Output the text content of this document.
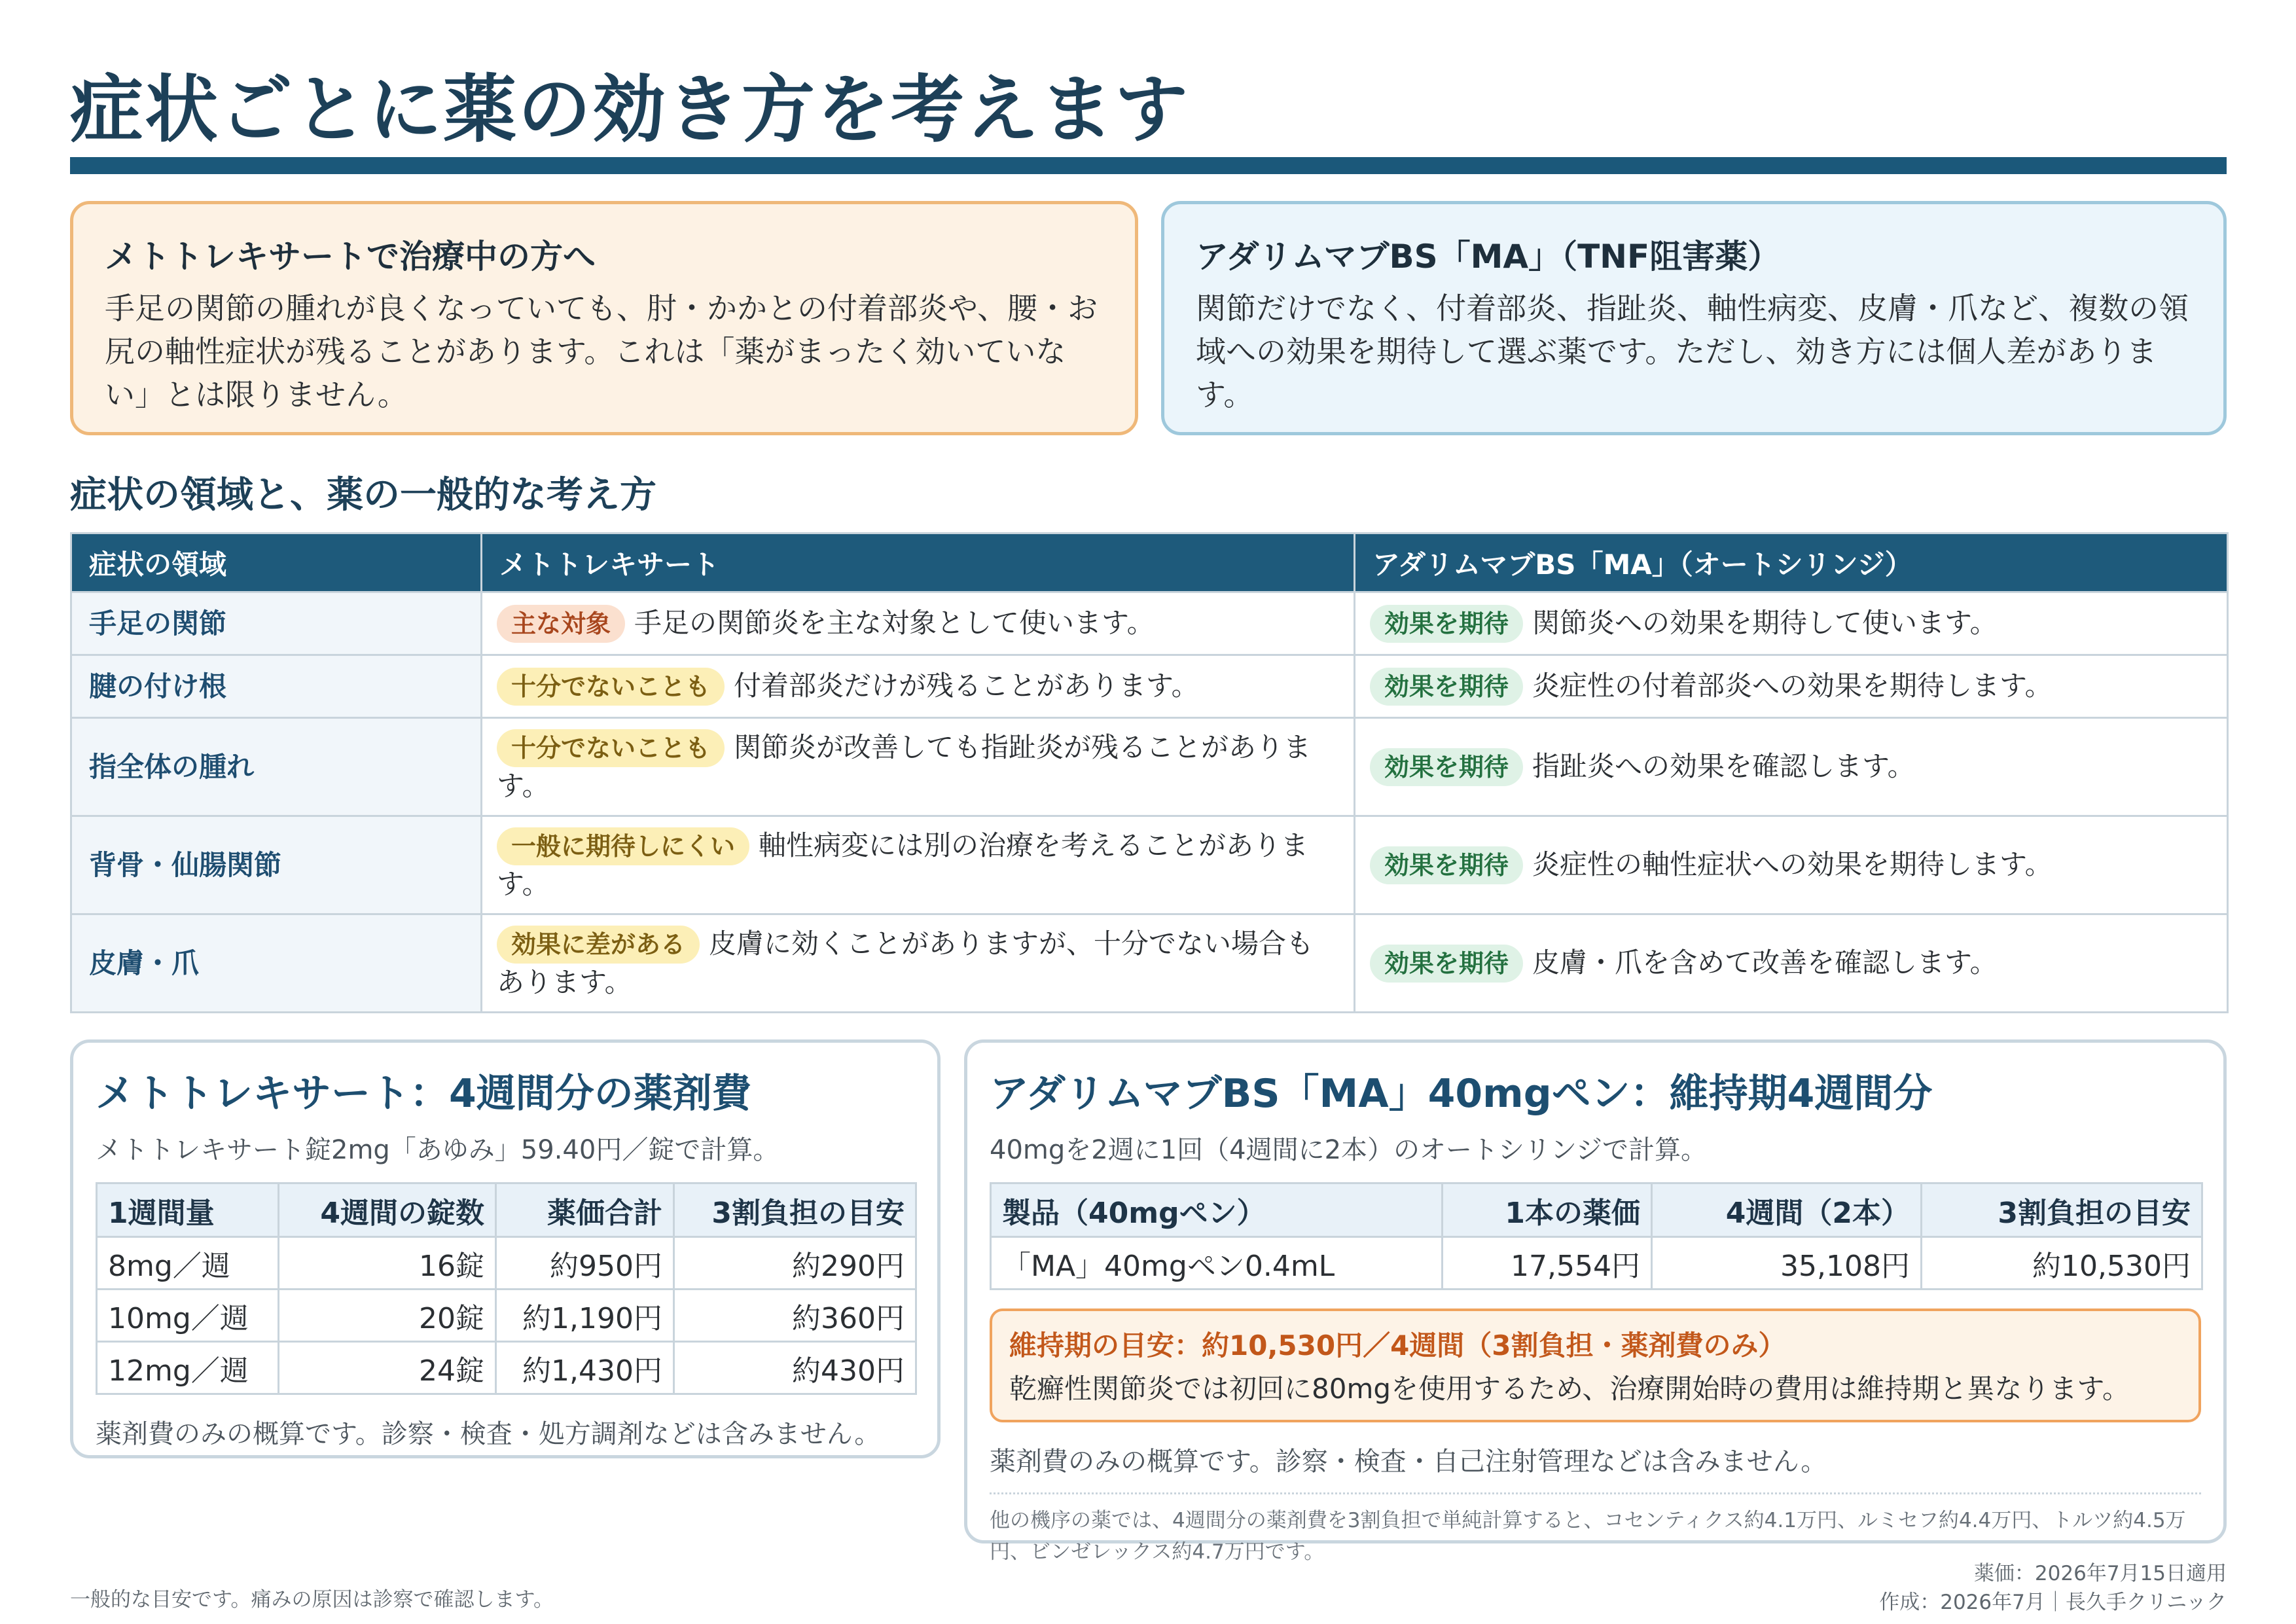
症状ごとに薬の効き方を考えます
メトトレキサートで治療中の方へ

手足の関節の腫れが良くなっていても、肘・かかとの付着部炎や、腰・お尻の軸性症状が残ることがあります。これは「薬がまったく効いていない」とは限りません。

アダリムマブBS「MA」（TNF阻害薬）

関節だけでなく、付着部炎、指趾炎、軸性病変、皮膚・爪など、複数の領域への効果を期待して選ぶ薬です。ただし、効き方には個人差があります。

症状の領域と、薬の一般的な考え方
症状の領域	メトトレキサート	アダリムマブBS「MA」（オートシリンジ）
手足の関節	主な対象 手足の関節炎を主な対象として使います。	効果を期待 関節炎への効果を期待して使います。
腱の付け根	十分でないことも 付着部炎だけが残ることがあります。	効果を期待 炎症性の付着部炎への効果を期待します。
指全体の腫れ	十分でないことも 関節炎が改善しても指趾炎が残ることがあります。	効果を期待 指趾炎への効果を確認します。
背骨・仙腸関節	一般に期待しにくい 軸性病変には別の治療を考えることがあります。	効果を期待 炎症性の軸性症状への効果を期待します。
皮膚・爪	効果に差がある 皮膚に効くことがありますが、十分でない場合もあります。	効果を期待 皮膚・爪を含めて改善を確認します。
メトトレキサート：4週間分の薬剤費
メトトレキサート錠2mg「あゆみ」59.40円／錠で計算。
1週間量	4週間の錠数	薬価合計	3割負担の目安
8mg／週	16錠	約950円	約290円
10mg／週	20錠	約1,190円	約360円
12mg／週	24錠	約1,430円	約430円
薬剤費のみの概算です。診察・検査・処方調剤などは含みません。
アダリムマブBS「MA」40mgペン：維持期4週間分
40mgを2週に1回（4週間に2本）のオートシリンジで計算。
製品（40mgペン）	1本の薬価	4週間（2本）	3割負担の目安
「MA」40mgペン0.4mL	17,554円	35,108円	約10,530円
維持期の目安：約10,530円／4週間（3割負担・薬剤費のみ）
乾癬性関節炎では初回に80mgを使用するため、治療開始時の費用は維持期と異なります。
薬剤費のみの概算です。診察・検査・自己注射管理などは含みません。
他の機序の薬では、4週間分の薬剤費を3割負担で単純計算すると、コセンティクス約4.1万円、ルミセフ約4.4万円、トルツ約4.5万円、ビンゼレックス約4.7万円です。
一般的な目安です。痛みの原因は診察で確認します。
薬価：2026年7月15日適用
作成：2026年7月｜長久手クリニック
